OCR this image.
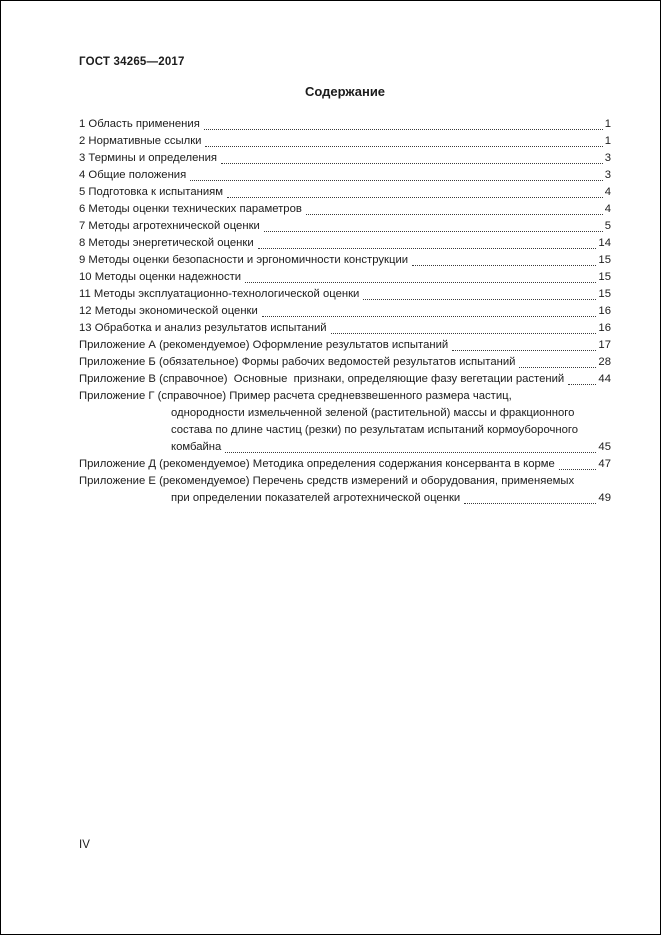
ГОСТ 34265—2017
Содержание
1 Область применения	1
2 Нормативные ссылки	1
3 Термины и определения	3
4 Общие положения	3
5 Подготовка к испытаниям	4
6 Методы оценки технических параметров	4
7 Методы агротехнической оценки	5
8 Методы энергетической оценки	14
9 Методы оценки безопасности и эргономичности конструкции	15
10 Методы оценки надежности	15
11 Методы эксплуатационно-технологической оценки	15
12 Методы экономической оценки	16
13 Обработка и анализ результатов испытаний	16
Приложение А (рекомендуемое) Оформление результатов испытаний	17
Приложение Б (обязательное) Формы рабочих ведомостей результатов испытаний	28
Приложение В (справочное)  Основные  признаки, определяющие фазу вегетации растений	44
Приложение Г (справочное) Пример расчета средневзвешенного размера частиц,
однородности измельченной зеленой (растительной) массы и фракционного
состава по длине частиц (резки) по результатам испытаний кормоуборочного
комбайна	45
Приложение Д (рекомендуемое) Методика определения содержания консерванта в корме	47
Приложение Е (рекомендуемое) Перечень средств измерений и оборудования, применяемых
при определении показателей агротехнической оценки	49
IV
